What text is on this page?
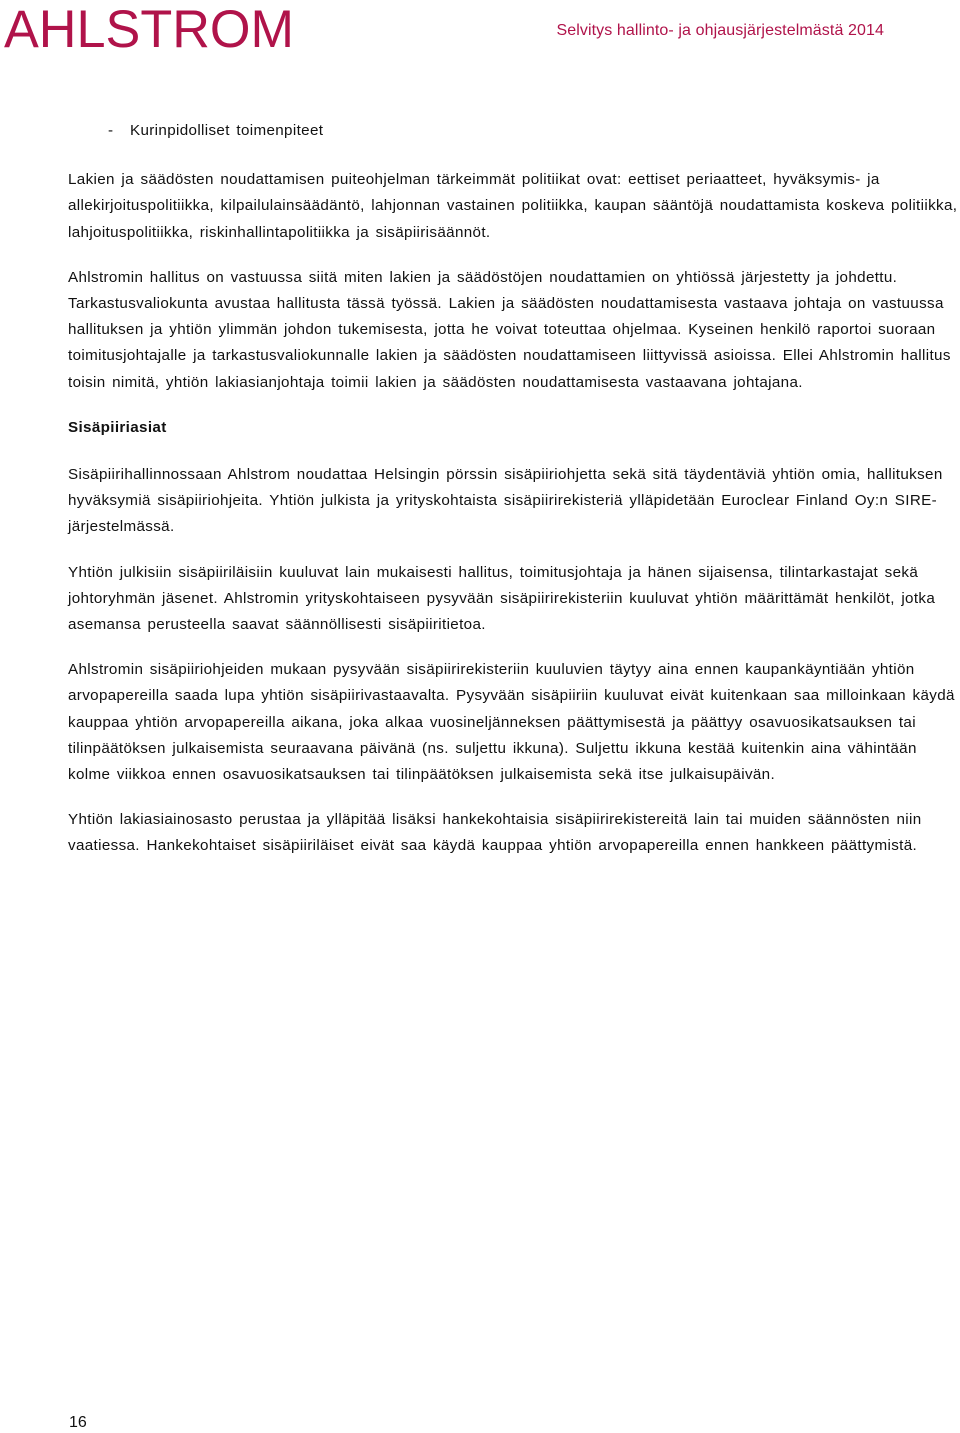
AHLSTROM	Selvitys hallinto- ja ohjausjärjestelmästä 2014
-	Kurinpidolliset toimenpiteet

Lakien ja säädösten noudattamisen puiteohjelman tärkeimmät politiikat ovat: eettiset periaatteet, hyväksymis- ja allekirjoituspolitiikka, kilpailulainsäädäntö, lahjonnan vastainen politiikka, kaupan sääntöjä noudattamista koskeva politiikka, lahjoituspolitiikka, riskinhallintapolitiikka ja sisäpiirisäännöt.

Ahlstromin hallitus on vastuussa siitä miten lakien ja säädöstöjen noudattamien on yhtiössä järjestetty ja johdettu. Tarkastusvaliokunta avustaa hallitusta tässä työssä. Lakien ja säädösten noudattamisesta vastaava johtaja on vastuussa hallituksen ja yhtiön ylimmän johdon tukemisesta, jotta he voivat toteuttaa ohjelmaa. Kyseinen henkilö raportoi suoraan toimitusjohtajalle ja tarkastusvaliokunnalle lakien ja säädösten noudattamiseen liittyvissä asioissa. Ellei Ahlstromin hallitus toisin nimitä, yhtiön lakiasianjohtaja toimii lakien ja säädösten noudattamisesta vastaavana johtajana.

Sisäpiiriasiat

Sisäpiirihallinnossaan Ahlstrom noudattaa Helsingin pörssin sisäpiiriohjetta sekä sitä täydentäviä yhtiön omia, hallituksen hyväksymiä sisäpiiriohjeita. Yhtiön julkista ja yrityskohtaista sisäpiirirekisteriä ylläpidetään Euroclear Finland Oy:n SIRE-järjestelmässä.

Yhtiön julkisiin sisäpiiriläisiin kuuluvat lain mukaisesti hallitus, toimitusjohtaja ja hänen sijaisensa, tilintarkastajat sekä johtoryhmän jäsenet. Ahlstromin yrityskohtaiseen pysyvään sisäpiirirekisteriin kuuluvat yhtiön määrittämät henkilöt, jotka asemansa perusteella saavat säännöllisesti sisäpiiritietoa.

Ahlstromin sisäpiiriohjeiden mukaan pysyvään sisäpiirirekisteriin kuuluvien täytyy aina ennen kaupankäyntiään yhtiön arvopapereilla saada lupa yhtiön sisäpiirivastaavalta. Pysyvään sisäpiiriin kuuluvat eivät kuitenkaan saa milloinkaan käydä kauppaa yhtiön arvopapereilla aikana, joka alkaa vuosineljänneksen päättymisestä ja päättyy osavuosikatsauksen tai tilinpäätöksen julkaisemista seuraavana päivänä (ns. suljettu ikkuna). Suljettu ikkuna kestää kuitenkin aina vähintään kolme viikkoa ennen osavuosikatsauksen tai tilinpäätöksen julkaisemista sekä itse julkaisupäivän.

Yhtiön lakiasiainosasto perustaa ja ylläpitää lisäksi hankekohtaisia sisäpiirirekistereitä lain tai muiden säännösten niin vaatiessa. Hankekohtaiset sisäpiiriläiset eivät saa käydä kauppaa yhtiön arvopapereilla ennen hankkeen päättymistä.

16
